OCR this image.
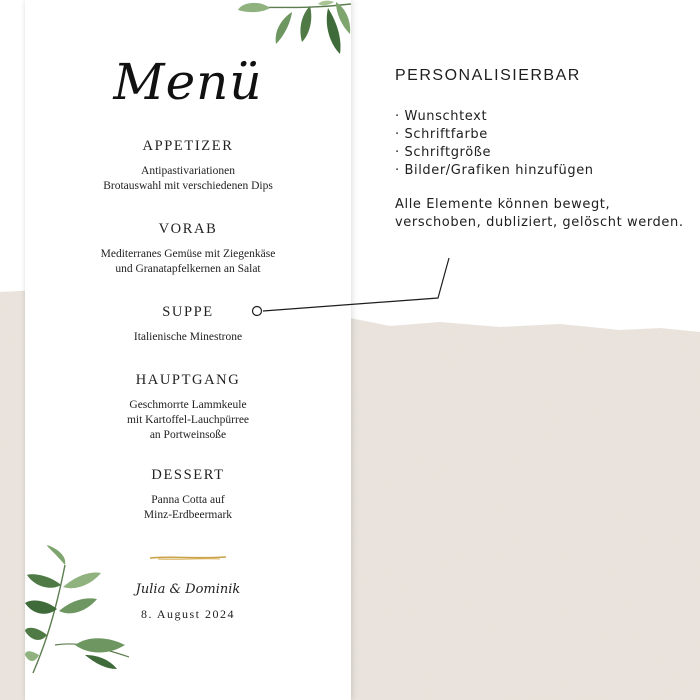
Menü
APPETIZER
Antipastivariationen
Brotauswahl mit verschiedenen Dips
VORAB
Mediterranes Gemüse mit Ziegenkäse
und Granatapfelkernen an Salat
SUPPE
Italienische Minestrone
HAUPTGANG
Geschmorrte Lammkeule
mit Kartoffel-Lauchpürree
an Portweinsoße
DESSERT
Panna Cotta auf
Minz-Erdbeermark
Julia & Dominik
8. August 2024
PERSONALISIERBAR
· Wunschtext
· Schriftfarbe
· Schriftgröße
· Bilder/Grafiken hinzufügen
Alle Elemente können bewegt, verschoben, dubliziert, gelöscht werden.
